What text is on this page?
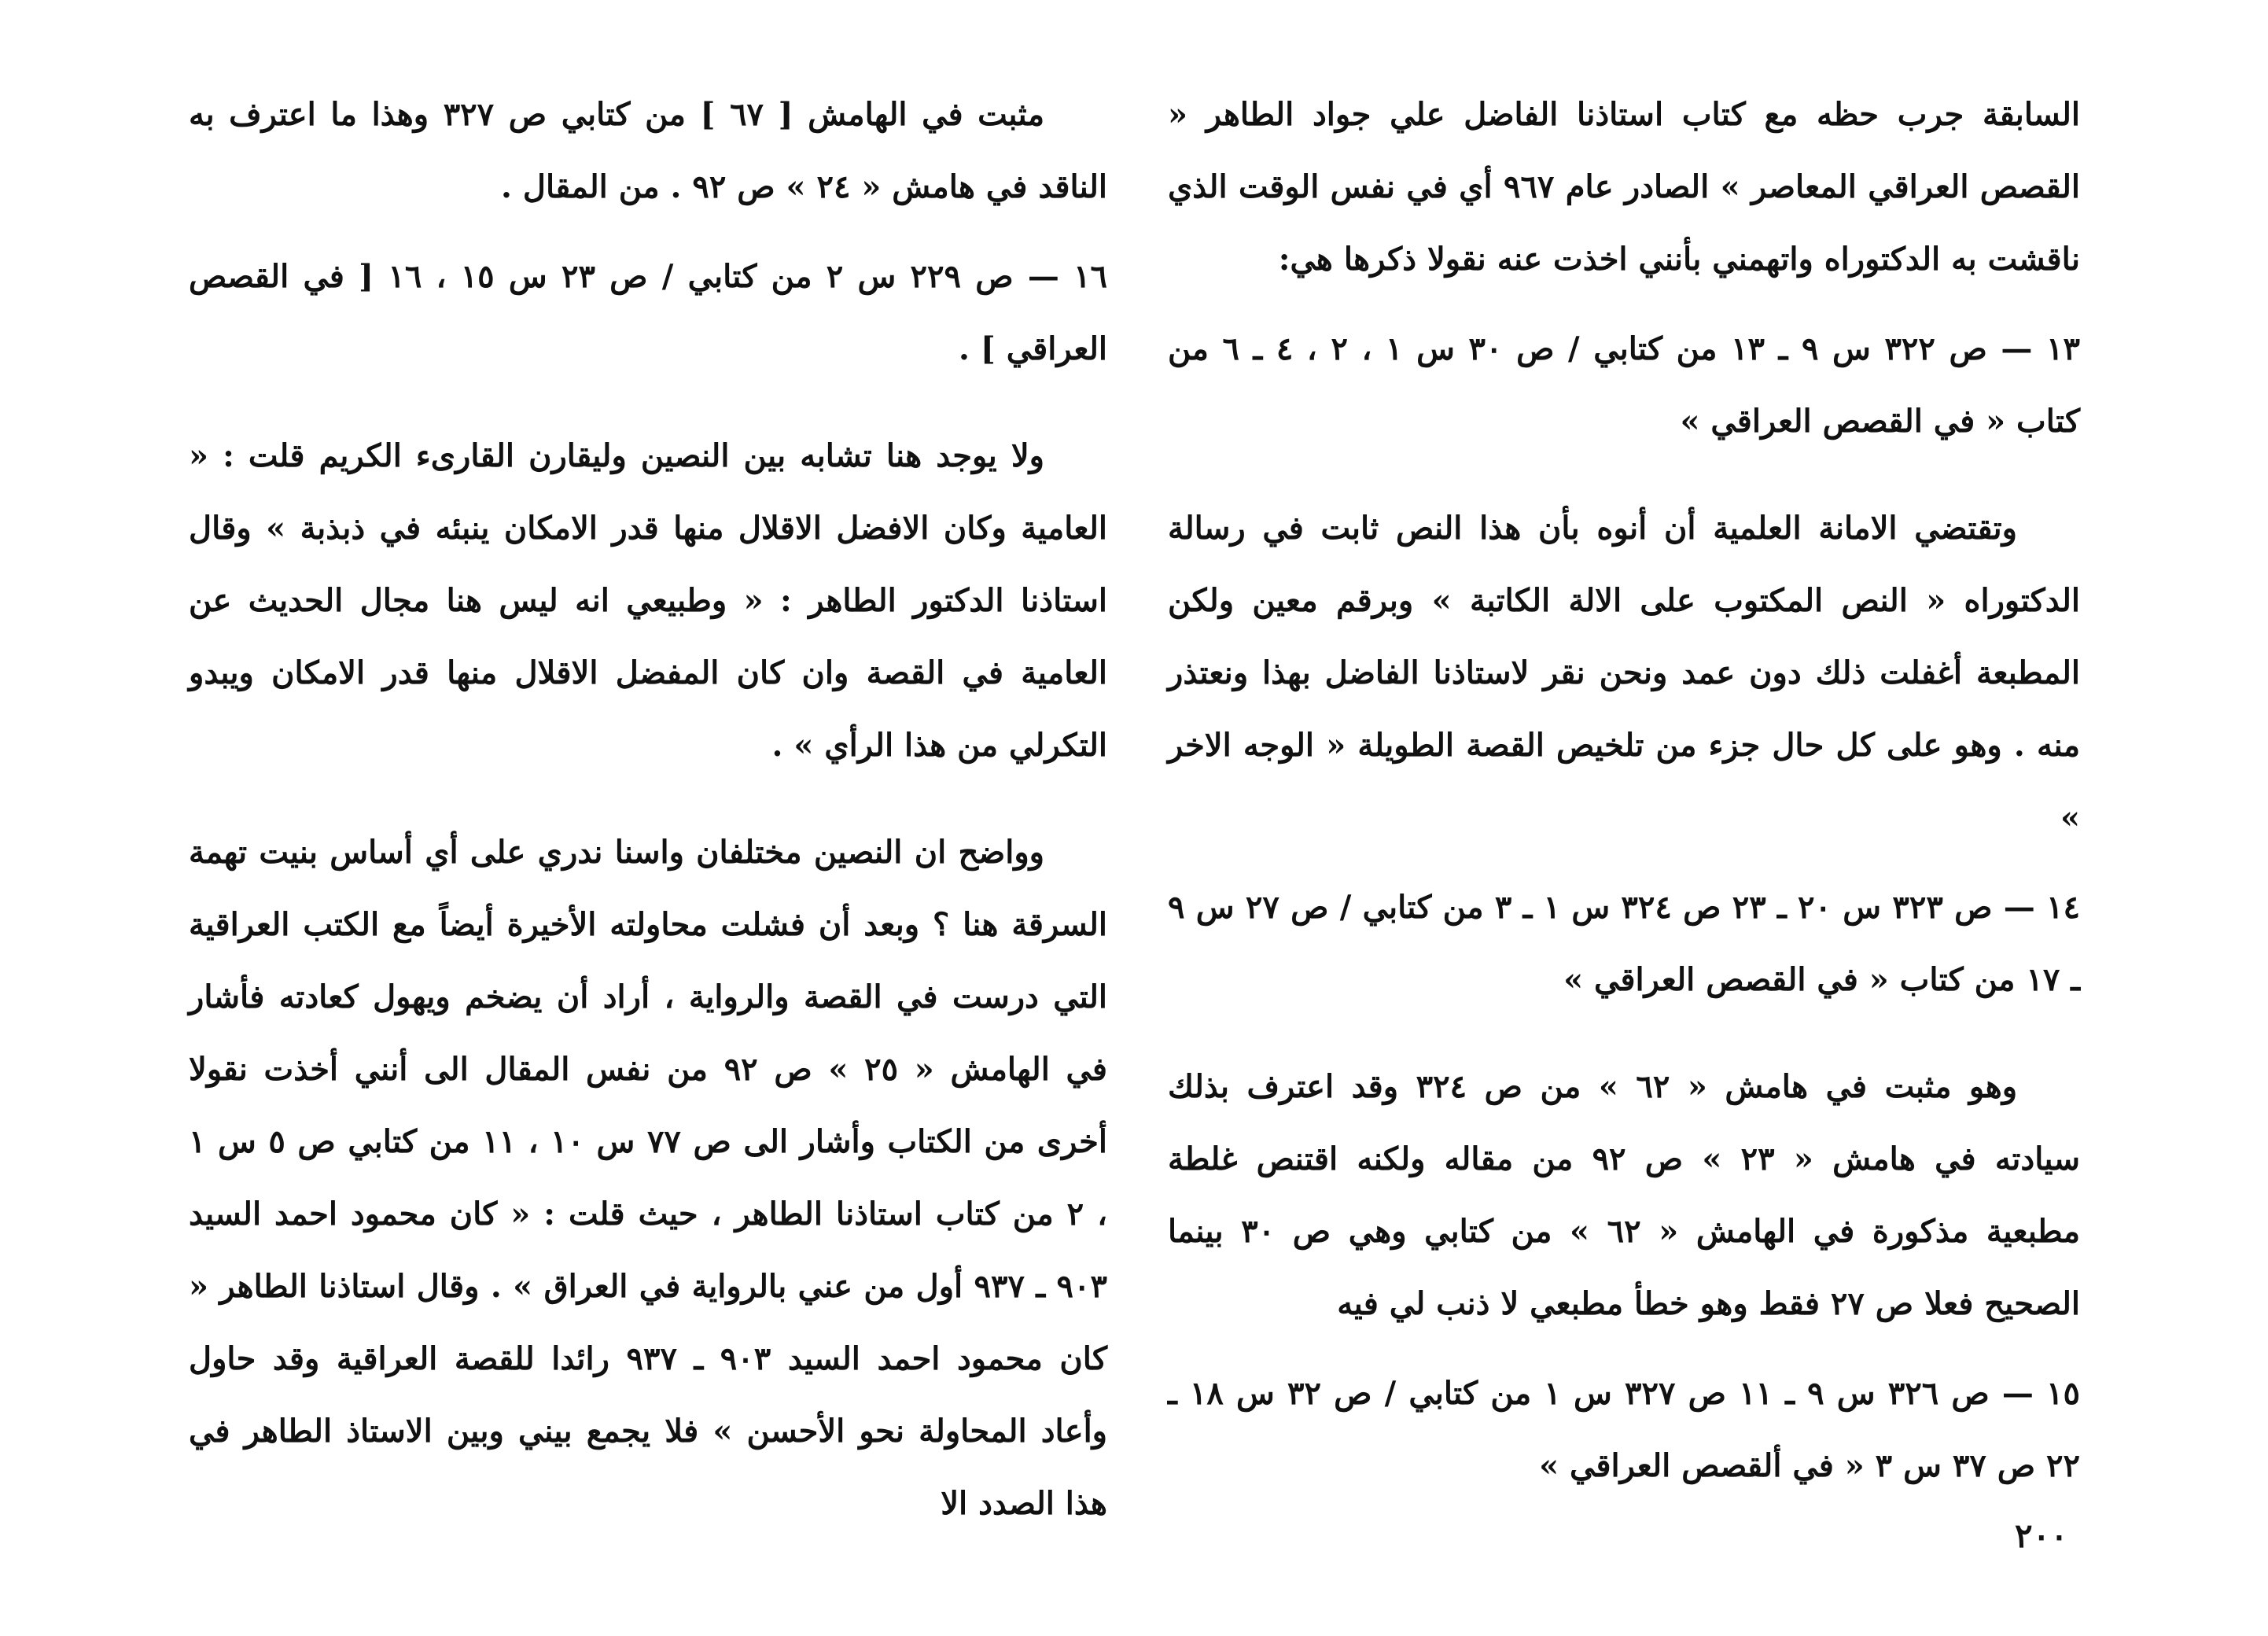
السابقة جرب حظه مع كتاب استاذنا الفاضل علي جواد الطاهر « القصص العراقي المعاصر » الصادر عام ٩٦٧ أي في نفس الوقت الذي ناقشت به الدكتوراه واتهمني بأنني اخذت عنه نقولا ذكرها هي:

١٣ — ص ٣٢٢ س ٩ ـ ١٣ من كتابي / ص ٣٠ س ١ ، ٢ ، ٤ ـ ٦ من كتاب « في القصص العراقي »

وتقتضي الامانة العلمية أن أنوه بأن هذا النص ثابت في رسالة الدكتوراه « النص المكتوب على الالة الكاتبة » وبرقم معين ولكن المطبعة أغفلت ذلك دون عمد ونحن نقر لاستاذنا الفاضل بهذا ونعتذر منه . وهو على كل حال جزء من تلخيص القصة الطويلة « الوجه الاخر »

١٤ — ص ٣٢٣ س ٢٠ ـ ٢٣ ص ٣٢٤ س ١ ـ ٣ من كتابي / ص ٢٧ س ٩ ـ ١٧ من كتاب « في القصص العراقي »

وهو مثبت في هامش « ٦٢ » من ص ٣٢٤ وقد اعترف بذلك سيادته في هامش « ٢٣ » ص ٩٢ من مقاله ولكنه اقتنص غلطة مطبعية مذكورة في الهامش « ٦٢ » من كتابي وهي ص ٣٠ بينما الصحيح فعلا ص ٢٧ فقط وهو خطأ مطبعي لا ذنب لي فيه

١٥ — ص ٣٢٦ س ٩ ـ ١١ ص ٣٢٧ س ١ من كتابي / ص ٣٢ س ١٨ ـ ٢٢ ص ٣٧ س ٣ « في ألقصص العراقي »

مثبت في الهامش [ ٦٧ ] من كتابي ص ٣٢٧ وهذا ما اعترف به الناقد في هامش « ٢٤ » ص ٩٢ . من المقال .

١٦ — ص ٢٢٩ س ٢ من كتابي / ص ٢٣ س ١٥ ، ١٦ [ في القصص العراقي ] .

ولا يوجد هنا تشابه بين النصين وليقارن القارىء الكريم قلت : « العامية وكان الافضل الاقلال منها قدر الامكان ينبئه في ذبذبة » وقال استاذنا الدكتور الطاهر : « وطبيعي انه ليس هنا مجال الحديث عن العامية في القصة وان كان المفضل الاقلال منها قدر الامكان ويبدو التكرلي من هذا الرأي » .

وواضح ان النصين مختلفان واسنا ندري على أي أساس بنيت تهمة السرقة هنا ؟ وبعد أن فشلت محاولته الأخيرة أيضاً مع الكتب العراقية التي درست في القصة والرواية ، أراد أن يضخم ويهول كعادته فأشار في الهامش « ٢٥ » ص ٩٢ من نفس المقال الى أنني أخذت نقولا أخرى من الكتاب وأشار الى ص ٧٧ س ١٠ ، ١١ من كتابي ص ٥ س ١ ، ٢ من كتاب استاذنا الطاهر ، حيث قلت : « كان محمود احمد السيد ٩٠٣ ـ ٩٣٧ أول من عني بالرواية في العراق » . وقال استاذنا الطاهر « كان محمود احمد السيد ٩٠٣ ـ ٩٣٧ رائدا للقصة العراقية وقد حاول وأعاد المحاولة نحو الأحسن » فلا يجمع بيني وبين الاستاذ الطاهر في هذا الصدد الا

٢٠٠
